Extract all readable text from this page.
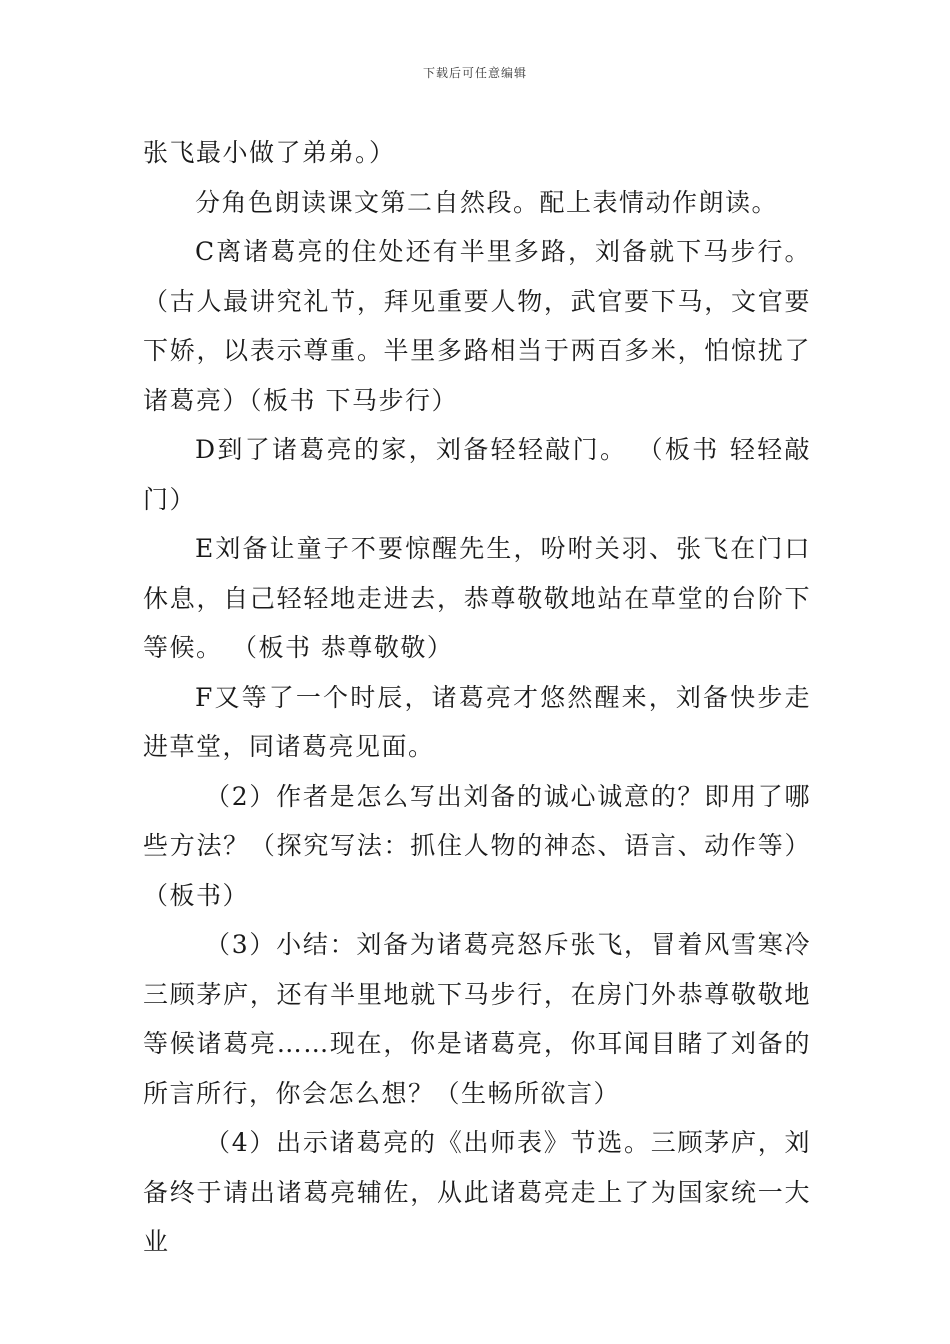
下载后可任意编辑

张飞最小做了弟弟。）

分角色朗读课文第二自然段。配上表情动作朗读。

C离诸葛亮的住处还有半里多路，刘备就下马步行。（古人最讲究礼节，拜见重要人物，武官要下马，文官要下娇，以表示尊重。半里多路相当于两百多米，怕惊扰了诸葛亮）（板书 下马步行）

D到了诸葛亮的家，刘备轻轻敲门。 （板书 轻轻敲门）

E刘备让童子不要惊醒先生，吩咐关羽、张飞在门口休息，自己轻轻地走进去，恭尊敬敬地站在草堂的台阶下等候。 （板书 恭尊敬敬）

F又等了一个时辰，诸葛亮才悠然醒来，刘备快步走进草堂，同诸葛亮见面。

（2）作者是怎么写出刘备的诚心诚意的？即用了哪些方法？（探究写法：抓住人物的神态、语言、动作等）（板书）

（3）小结：刘备为诸葛亮怒斥张飞，冒着风雪寒冷三顾茅庐，还有半里地就下马步行，在房门外恭尊敬敬地等候诸葛亮……现在，你是诸葛亮，你耳闻目睹了刘备的所言所行，你会怎么想？（生畅所欲言）

（4）出示诸葛亮的《出师表》节选。三顾茅庐，刘备终于请出诸葛亮辅佐，从此诸葛亮走上了为国家统一大业
